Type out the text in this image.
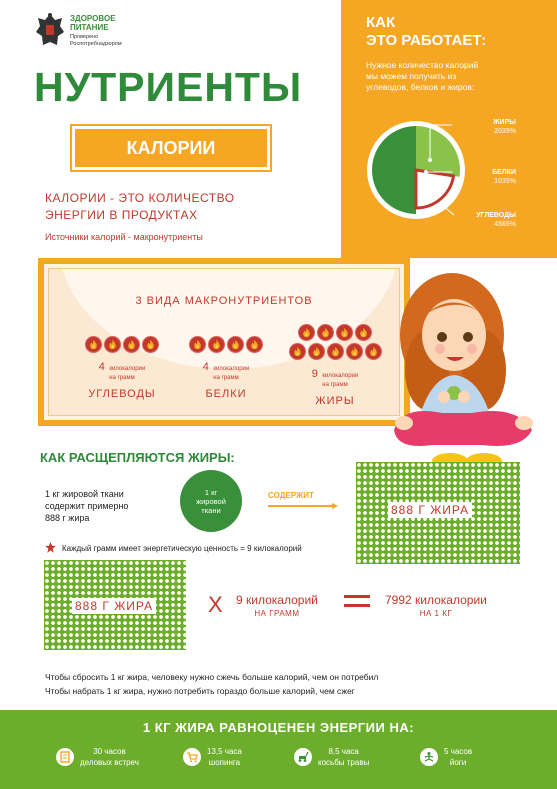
КАК
ЭТО РАБОТАЕТ:
Нужное количество калорий
мы можем получить из
углеводов, белков и жиров:
ЖИРЫ
2035%
БЕЛКИ
1035%
УГЛЕВОДЫ
4565%
ЗДОРОВОЕ
ПИТАНИЕ
Проверено
Роспотребнадзором
НУТРИЕНТЫ
КАЛОРИИ
КАЛОРИИ - ЭТО КОЛИЧЕСТВО
ЭНЕРГИИ В ПРОДУКТАХ
Источники калорий - макронутриенты
3 ВИДА МАКРОНУТРИЕНТОВ
4 килокалории
на грамм
УГЛЕВОДЫ
4 килокалории
на грамм
БЕЛКИ
9 килокалории
на грамм
ЖИРЫ
КАК РАСЩЕПЛЯЮТСЯ ЖИРЫ:
1 кг жировой ткани
содержит примерно
888 г жира
1 кг
жировой
ткани
СОДЕРЖИТ
888 Г ЖИРА
Каждый грамм имеет энергетическую ценность = 9 килокалорий
888 Г ЖИРА X 9 килокалорий
НА ГРАММ
7992 килокалории
НА 1 КГ
Чтобы сбросить 1 кг жира, человеку нужно сжечь больше калорий, чем он потребил
Чтобы набрать 1 кг жира, нужно потребить гораздо больше калорий, чем сжег
1 КГ ЖИРА РАВНОЦЕНЕН ЭНЕРГИИ НА:
30 часов
деловых встреч
13,5 часа
шопинга
8,5 часа
косьбы травы
5 часов
йоги
